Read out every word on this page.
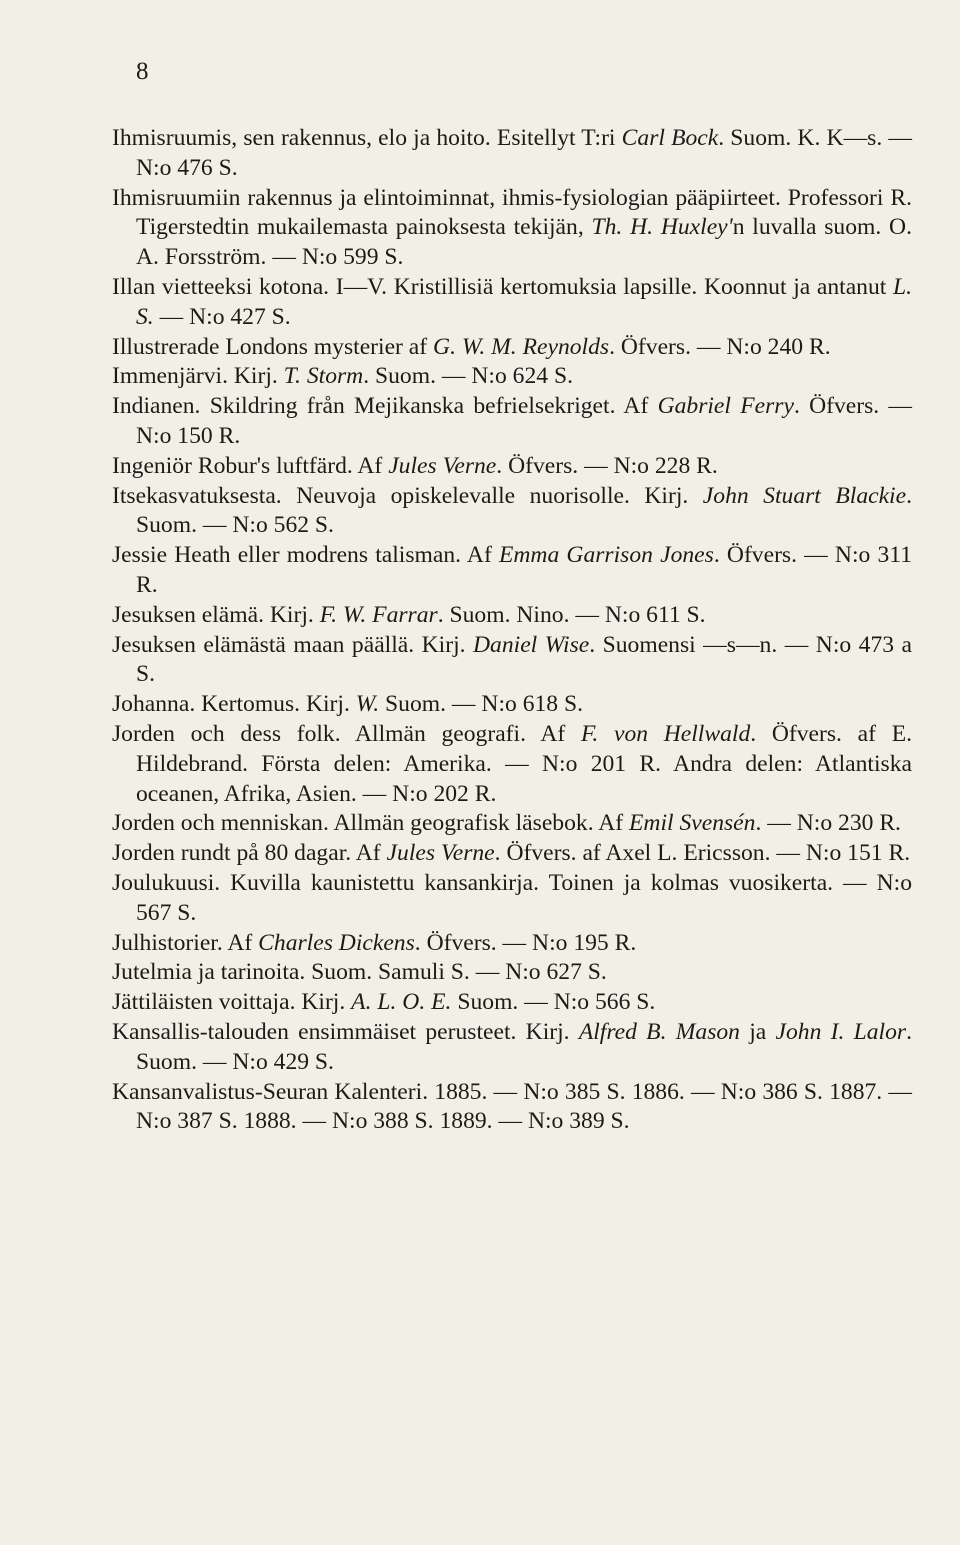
8
Ihmisruumis, sen rakennus, elo ja hoito. Esitellyt T:ri Carl Bock. Suom. K. K—s. — N:o 476 S.
Ihmisruumiin rakennus ja elintoiminnat, ihmis-fysiologian pääpiirteet. Professori R. Tigerstedtin mukailemasta painoksesta tekijän, Th. H. Huxley'n luvalla suom. O. A. Forsström. — N:o 599 S.
Illan vietteeksi kotona. I—V. Kristillisiä kertomuksia lapsille. Koonnut ja antanut L. S. — N:o 427 S.
Illustrerade Londons mysterier af G. W. M. Reynolds. Öfvers. — N:o 240 R.
Immenjärvi. Kirj. T. Storm. Suom. — N:o 624 S.
Indianen. Skildring från Mejikanska befrielsekriget. Af Gabriel Ferry. Öfvers. — N:o 150 R.
Ingeniör Robur's luftfärd. Af Jules Verne. Öfvers. — N:o 228 R.
Itsekasvatuksesta. Neuvoja opiskelevalle nuorisolle. Kirj. John Stuart Blackie. Suom. — N:o 562 S.
Jessie Heath eller modrens talisman. Af Emma Garrison Jones. Öfvers. — N:o 311 R.
Jesuksen elämä. Kirj. F. W. Farrar. Suom. Nino. — N:o 611 S.
Jesuksen elämästä maan päällä. Kirj. Daniel Wise. Suomensi —s—n. — N:o 473 a S.
Johanna. Kertomus. Kirj. W. Suom. — N:o 618 S.
Jorden och dess folk. Allmän geografi. Af F. von Hellwald. Öfvers. af E. Hildebrand. Första delen: Amerika. — N:o 201 R. Andra delen: Atlantiska oceanen, Afrika, Asien. — N:o 202 R.
Jorden och menniskan. Allmän geografisk läsebok. Af Emil Svensén. — N:o 230 R.
Jorden rundt på 80 dagar. Af Jules Verne. Öfvers. af Axel L. Ericsson. — N:o 151 R.
Joulukuusi. Kuvilla kaunistettu kansankirja. Toinen ja kolmas vuosikerta. — N:o 567 S.
Julhistorier. Af Charles Dickens. Öfvers. — N:o 195 R.
Jutelmia ja tarinoita. Suom. Samuli S. — N:o 627 S.
Jättiläisten voittaja. Kirj. A. L. O. E. Suom. — N:o 566 S.
Kansallis-talouden ensimmäiset perusteet. Kirj. Alfred B. Mason ja John I. Lalor. Suom. — N:o 429 S.
Kansanvalistus-Seuran Kalenteri. 1885. — N:o 385 S. 1886. — N:o 386 S. 1887. — N:o 387 S. 1888. — N:o 388 S. 1889. — N:o 389 S.
